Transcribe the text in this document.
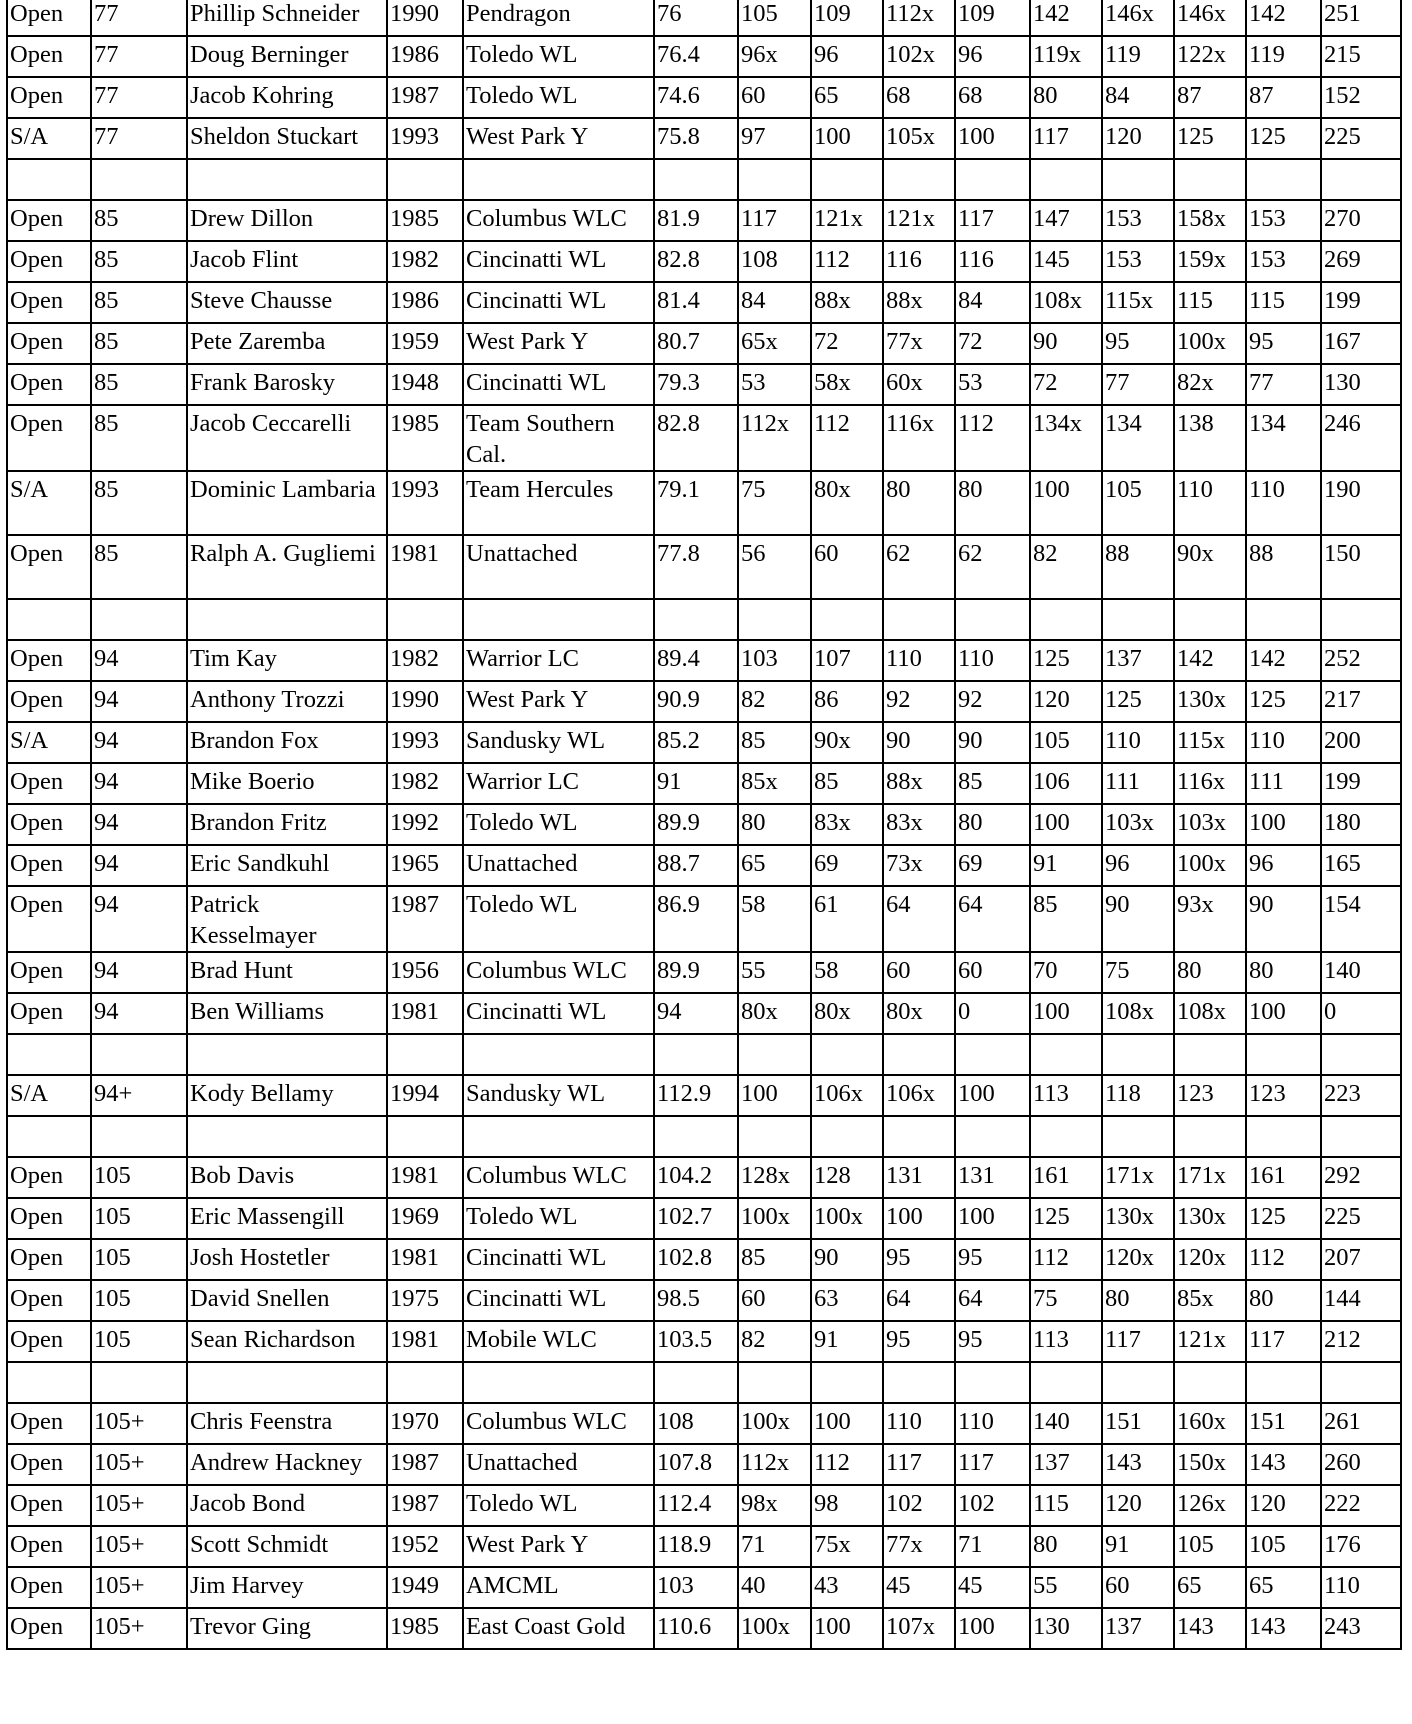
Open	77	Phillip Schneider	1990	Pendragon	76	105	109	112x	109	142	146x	146x	142	251
Open	77	Doug Berninger	1986	Toledo WL	76.4	96x	96	102x	96	119x	119	122x	119	215
Open	77	Jacob Kohring	1987	Toledo WL	74.6	60	65	68	68	80	84	87	87	152
S/A	77	Sheldon Stuckart	1993	West Park Y	75.8	97	100	105x	100	117	120	125	125	225

Open	85	Drew Dillon	1985	Columbus WLC	81.9	117	121x	121x	117	147	153	158x	153	270
Open	85	Jacob Flint	1982	Cincinatti WL	82.8	108	112	116	116	145	153	159x	153	269
Open	85	Steve Chausse	1986	Cincinatti WL	81.4	84	88x	88x	84	108x	115x	115	115	199
Open	85	Pete Zaremba	1959	West Park Y	80.7	65x	72	77x	72	90	95	100x	95	167
Open	85	Frank Barosky	1948	Cincinatti WL	79.3	53	58x	60x	53	72	77	82x	77	130
Open	85	Jacob Ceccarelli	1985	Team Southern Cal.	82.8	112x	112	116x	112	134x	134	138	134	246
S/A	85	Dominic Lambaria	1993	Team Hercules	79.1	75	80x	80	80	100	105	110	110	190
Open	85	Ralph A. Gugliemi	1981	Unattached	77.8	56	60	62	62	82	88	90x	88	150

Open	94	Tim Kay	1982	Warrior LC	89.4	103	107	110	110	125	137	142	142	252
Open	94	Anthony Trozzi	1990	West Park Y	90.9	82	86	92	92	120	125	130x	125	217
S/A	94	Brandon Fox	1993	Sandusky WL	85.2	85	90x	90	90	105	110	115x	110	200
Open	94	Mike Boerio	1982	Warrior LC	91	85x	85	88x	85	106	111	116x	111	199
Open	94	Brandon Fritz	1992	Toledo WL	89.9	80	83x	83x	80	100	103x	103x	100	180
Open	94	Eric Sandkuhl	1965	Unattached	88.7	65	69	73x	69	91	96	100x	96	165
Open	94	Patrick Kesselmayer	1987	Toledo WL	86.9	58	61	64	64	85	90	93x	90	154
Open	94	Brad Hunt	1956	Columbus WLC	89.9	55	58	60	60	70	75	80	80	140
Open	94	Ben Williams	1981	Cincinatti WL	94	80x	80x	80x	0	100	108x	108x	100	0

S/A	94+	Kody Bellamy	1994	Sandusky WL	112.9	100	106x	106x	100	113	118	123	123	223

Open	105	Bob Davis	1981	Columbus WLC	104.2	128x	128	131	131	161	171x	171x	161	292
Open	105	Eric Massengill	1969	Toledo WL	102.7	100x	100x	100	100	125	130x	130x	125	225
Open	105	Josh Hostetler	1981	Cincinatti WL	102.8	85	90	95	95	112	120x	120x	112	207
Open	105	David Snellen	1975	Cincinatti WL	98.5	60	63	64	64	75	80	85x	80	144
Open	105	Sean Richardson	1981	Mobile WLC	103.5	82	91	95	95	113	117	121x	117	212

Open	105+	Chris Feenstra	1970	Columbus WLC	108	100x	100	110	110	140	151	160x	151	261
Open	105+	Andrew Hackney	1987	Unattached	107.8	112x	112	117	117	137	143	150x	143	260
Open	105+	Jacob Bond	1987	Toledo WL	112.4	98x	98	102	102	115	120	126x	120	222
Open	105+	Scott Schmidt	1952	West Park Y	118.9	71	75x	77x	71	80	91	105	105	176
Open	105+	Jim Harvey	1949	AMCML	103	40	43	45	45	55	60	65	65	110
Open	105+	Trevor Ging	1985	East Coast Gold	110.6	100x	100	107x	100	130	137	143	143	243
